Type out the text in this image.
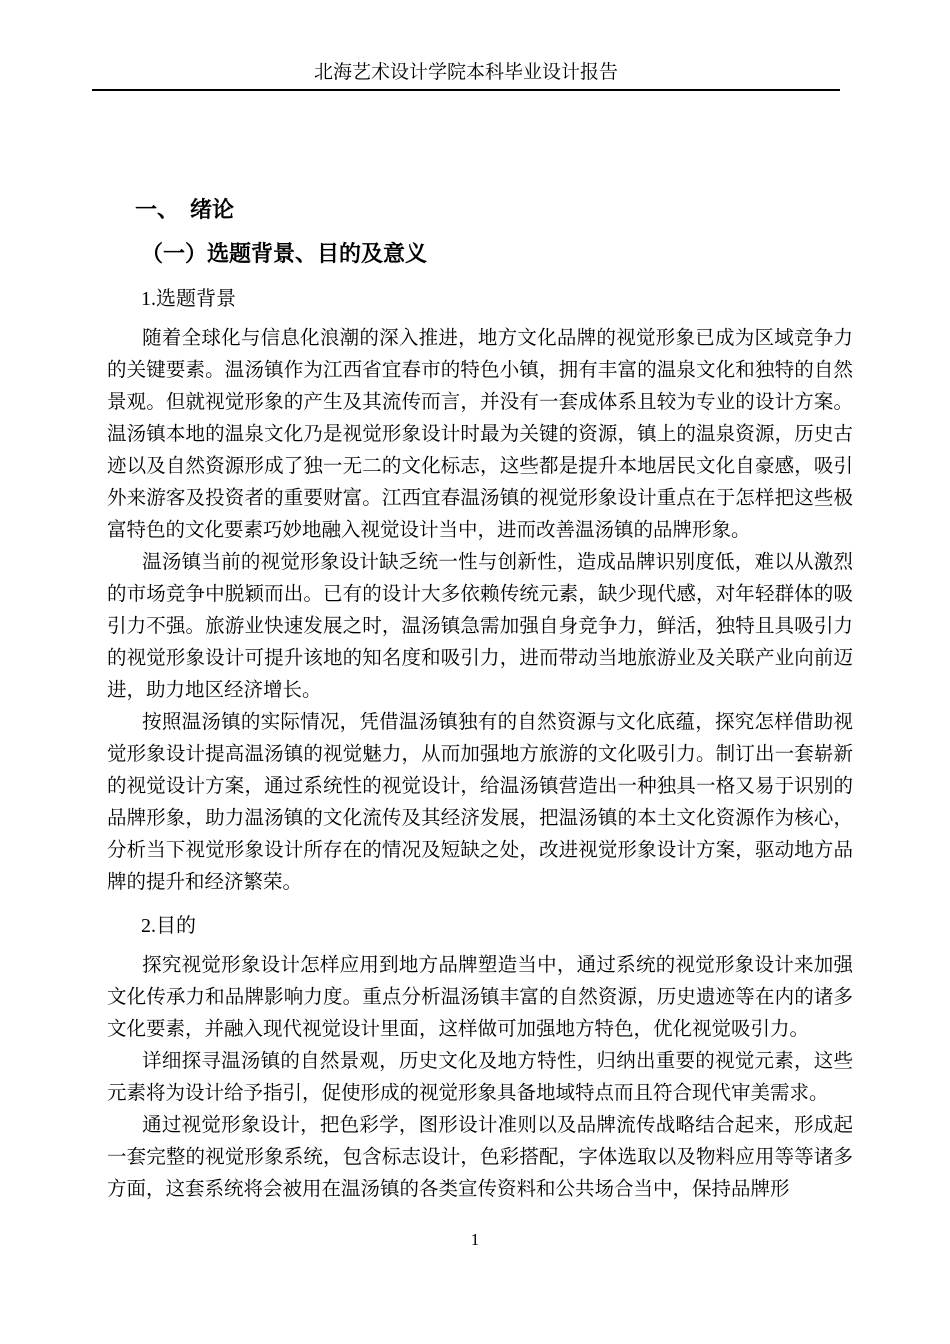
北海艺术设计学院本科毕业设计报告
一、　绪论
（一）选题背景、目的及意义
1.选题背景

随着全球化与信息化浪潮的深入推进，地方文化品牌的视觉形象已成为区域竞争力的关键要素。温汤镇作为江西省宜春市的特色小镇，拥有丰富的温泉文化和独特的自然景观。但就视觉形象的产生及其流传而言，并没有一套成体系且较为专业的设计方案。温汤镇本地的温泉文化乃是视觉形象设计时最为关键的资源，镇上的温泉资源，历史古迹以及自然资源形成了独一无二的文化标志，这些都是提升本地居民文化自豪感，吸引外来游客及投资者的重要财富。江西宜春温汤镇的视觉形象设计重点在于怎样把这些极富特色的文化要素巧妙地融入视觉设计当中，进而改善温汤镇的品牌形象。

温汤镇当前的视觉形象设计缺乏统一性与创新性，造成品牌识别度低，难以从激烈的市场竞争中脱颖而出。已有的设计大多依赖传统元素，缺少现代感，对年轻群体的吸引力不强。旅游业快速发展之时，温汤镇急需加强自身竞争力，鲜活，独特且具吸引力的视觉形象设计可提升该地的知名度和吸引力，进而带动当地旅游业及关联产业向前迈进，助力地区经济增长。

按照温汤镇的实际情况，凭借温汤镇独有的自然资源与文化底蕴，探究怎样借助视觉形象设计提高温汤镇的视觉魅力，从而加强地方旅游的文化吸引力。制订出一套崭新的视觉设计方案，通过系统性的视觉设计，给温汤镇营造出一种独具一格又易于识别的品牌形象，助力温汤镇的文化流传及其经济发展，把温汤镇的本土文化资源作为核心，分析当下视觉形象设计所存在的情况及短缺之处，改进视觉形象设计方案，驱动地方品牌的提升和经济繁荣。

2.目的

探究视觉形象设计怎样应用到地方品牌塑造当中，通过系统的视觉形象设计来加强文化传承力和品牌影响力度。重点分析温汤镇丰富的自然资源，历史遗迹等在内的诸多文化要素，并融入现代视觉设计里面，这样做可加强地方特色，优化视觉吸引力。

详细探寻温汤镇的自然景观，历史文化及地方特性，归纳出重要的视觉元素，这些元素将为设计给予指引，促使形成的视觉形象具备地域特点而且符合现代审美需求。

通过视觉形象设计，把色彩学，图形设计准则以及品牌流传战略结合起来，形成起一套完整的视觉形象系统，包含标志设计，色彩搭配，字体选取以及物料应用等等诸多方面，这套系统将会被用在温汤镇的各类宣传资料和公共场合当中，保持品牌形

1
